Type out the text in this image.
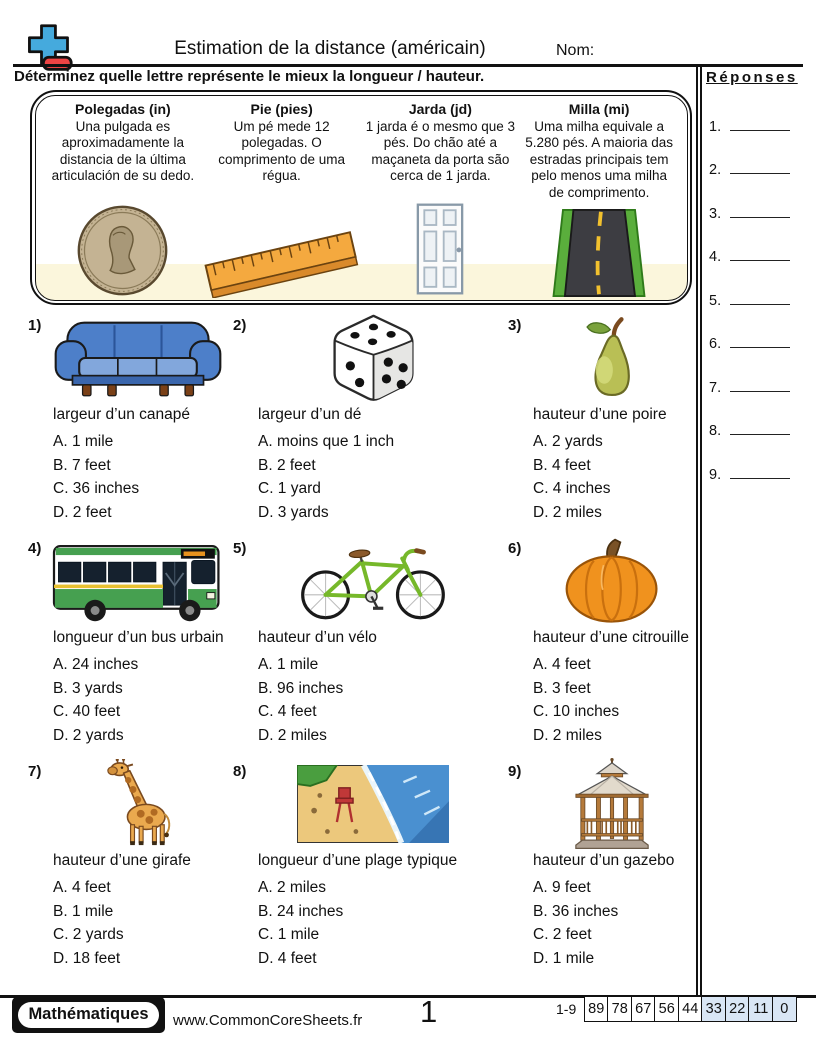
Estimation de la distance (américain)	Nom:
Déterminez quelle lettre représente le mieux la longueur / hauteur.
Polegadas (in)
Una pulgada es aproximadamente la distancia de la última articulación de su dedo.
Pie (pies)
Um pé mede 12 polegadas. O comprimento de uma régua.
Jarda (jd)
1 jarda é o mesmo que 3 pés. Do chão até a maçaneta da porta são cerca de 1 jarda.
Milla (mi)
Uma milha equivale a 5.280 pés. A maioria das estradas principais tem pelo menos uma milha de comprimento.
Réponses
1.
2.
3.
4.
5.
6.
7.
8.
9.
1)
largeur d’un canapé
A. 1 mile
B. 7 feet
C. 36 inches
D. 2 feet
2)
largeur d’un dé
A. moins que 1 inch
B. 2 feet
C. 1 yard
D. 3 yards
3)
hauteur d’une poire
A. 2 yards
B. 4 feet
C. 4 inches
D. 2 miles
4)
longueur d’un bus urbain
A. 24 inches
B. 3 yards
C. 40 feet
D. 2 yards
5)
hauteur d’un vélo
A. 1 mile
B. 96 inches
C. 4 feet
D. 2 miles
6)
hauteur d’une citrouille
A. 4 feet
B. 3 feet
C. 10 inches
D. 2 miles
7)
hauteur d’une girafe
A. 4 feet
B. 1 mile
C. 2 yards
D. 18 feet
8)
longueur d’une plage typique
A. 2 miles
B. 24 inches
C. 1 mile
D. 4 feet
9)
hauteur d’un gazebo
A. 9 feet
B. 36 inches
C. 2 feet
D. 1 mile
Mathématiques	www.CommonCoreSheets.fr 1	1-9 89 78 67 56 44 33 22 11 0
